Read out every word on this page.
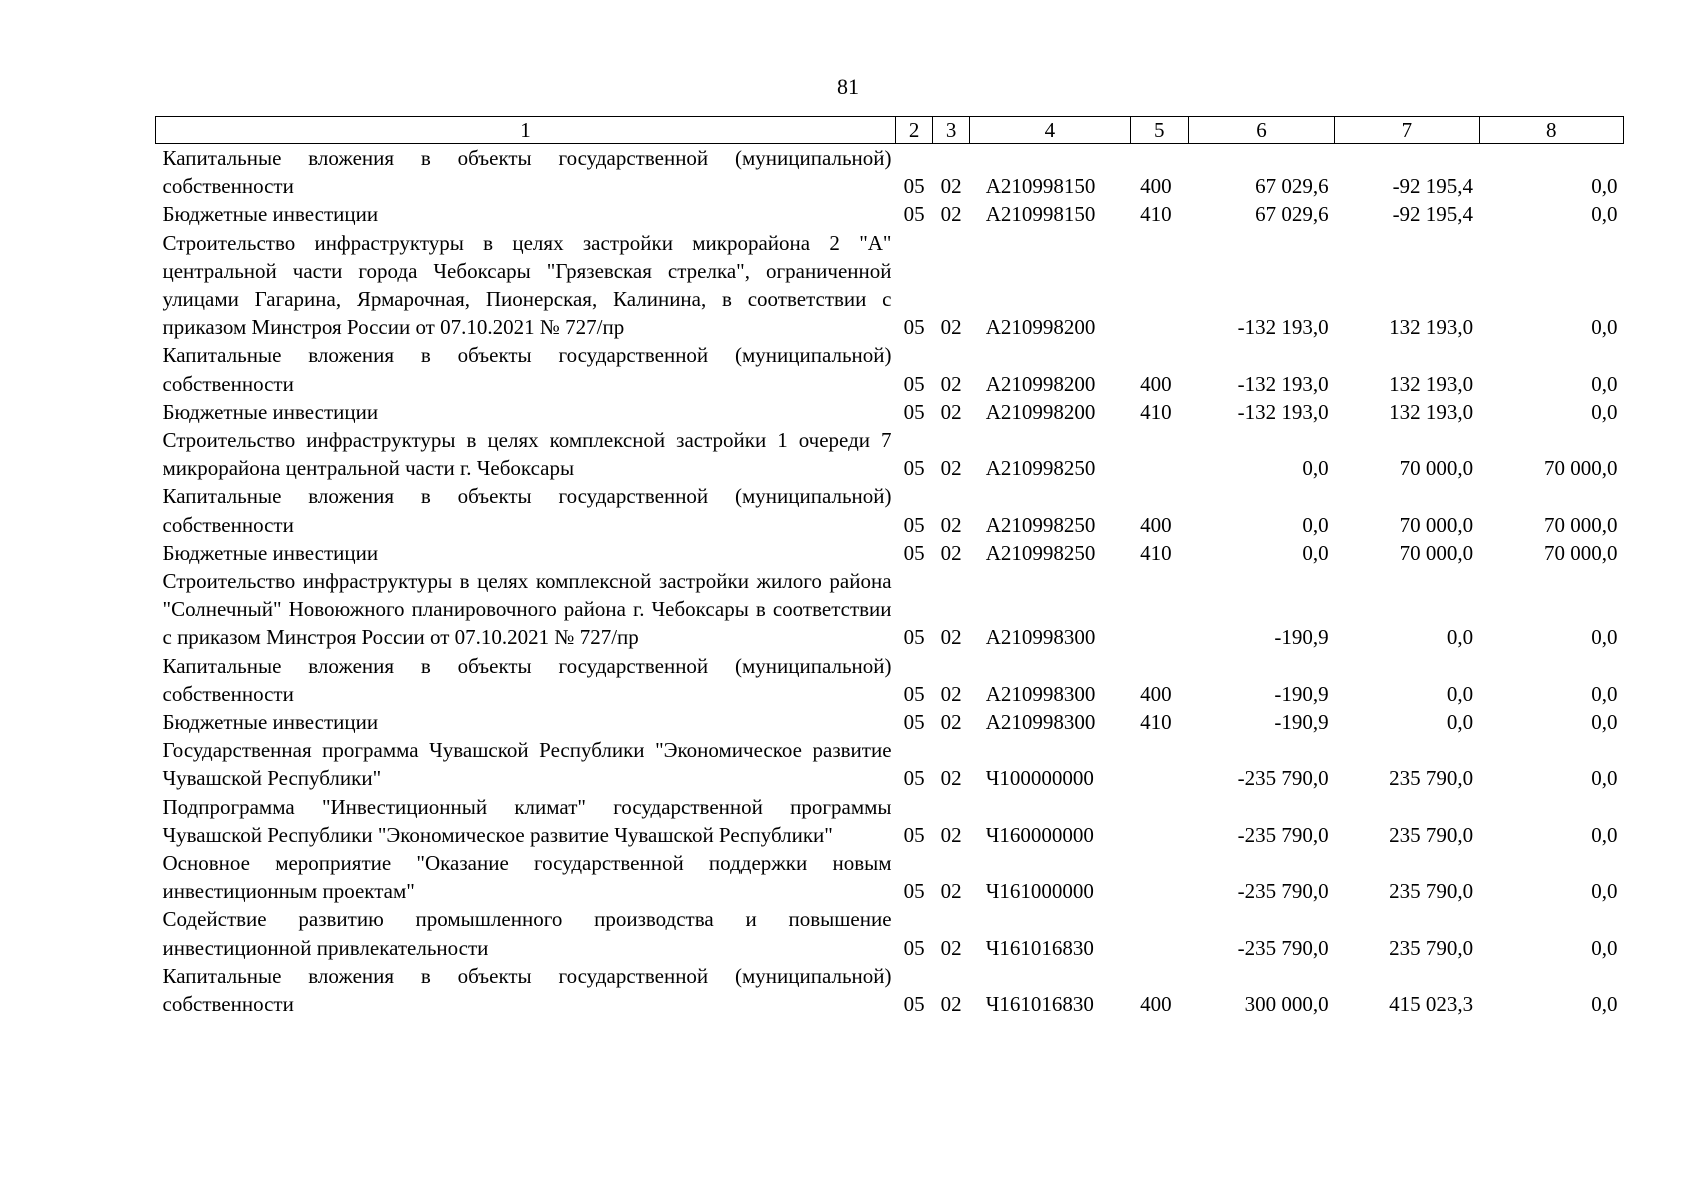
81
1	2	3	4	5	6	7	8
Капитальные вложения в объекты государственной (муниципальной) собственности	05	02	А210998150	400	67 029,6	-92 195,4	0,0
Бюджетные инвестиции	05	02	А210998150	410	67 029,6	-92 195,4	0,0
Строительство инфраструктуры в целях застройки микрорайона 2 "А" центральной части города Чебоксары "Грязевская стрелка", ограниченной улицами Гагарина, Ярмарочная, Пионерская, Калинина, в соответствии с приказом Минстроя России от 07.10.2021 № 727/пр	05	02	А210998200		-132 193,0	132 193,0	0,0
Капитальные вложения в объекты государственной (муниципальной) собственности	05	02	А210998200	400	-132 193,0	132 193,0	0,0
Бюджетные инвестиции	05	02	А210998200	410	-132 193,0	132 193,0	0,0
Строительство инфраструктуры в целях комплексной застройки 1 очереди 7 микрорайона центральной части г. Чебоксары	05	02	А210998250		0,0	70 000,0	70 000,0
Капитальные вложения в объекты государственной (муниципальной) собственности	05	02	А210998250	400	0,0	70 000,0	70 000,0
Бюджетные инвестиции	05	02	А210998250	410	0,0	70 000,0	70 000,0
Строительство инфраструктуры в целях комплексной застройки жилого района "Солнечный" Новоюжного планировочного района г. Чебоксары в соответствии с приказом Минстроя России от 07.10.2021 № 727/пр	05	02	А210998300		-190,9	0,0	0,0
Капитальные вложения в объекты государственной (муниципальной) собственности	05	02	А210998300	400	-190,9	0,0	0,0
Бюджетные инвестиции	05	02	А210998300	410	-190,9	0,0	0,0
Государственная программа Чувашской Республики "Экономическое развитие Чувашской Республики"	05	02	Ч100000000		-235 790,0	235 790,0	0,0
Подпрограмма "Инвестиционный климат" государственной программы Чувашской Республики "Экономическое развитие Чувашской Республики"	05	02	Ч160000000		-235 790,0	235 790,0	0,0
Основное мероприятие "Оказание государственной поддержки новым инвестиционным проектам"	05	02	Ч161000000		-235 790,0	235 790,0	0,0
Содействие развитию промышленного производства и повышение инвестиционной привлекательности	05	02	Ч161016830		-235 790,0	235 790,0	0,0
Капитальные вложения в объекты государственной (муниципальной) собственности	05	02	Ч161016830	400	300 000,0	415 023,3	0,0
